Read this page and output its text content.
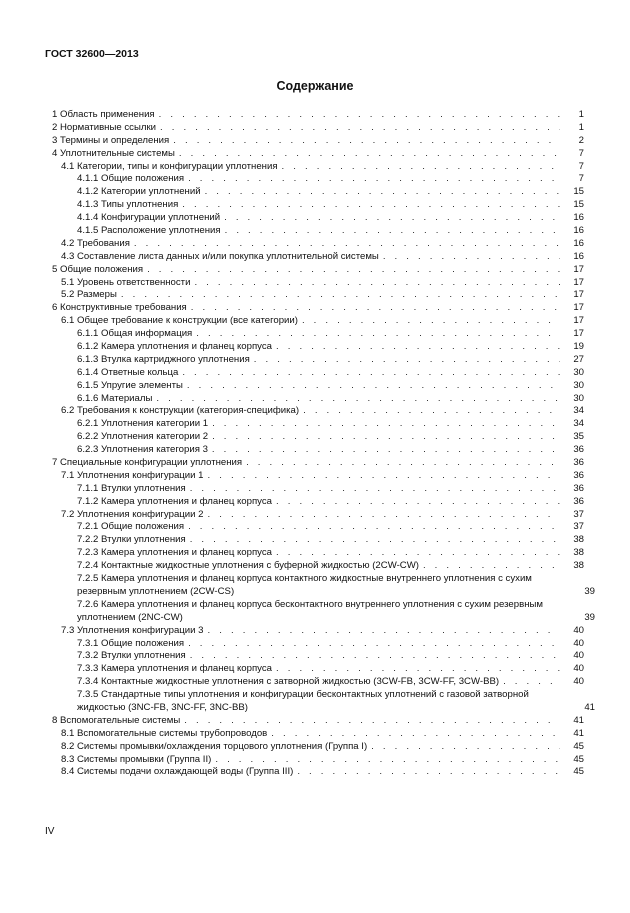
ГОСТ 32600—2013
Содержание
1 Область применения . . .	1
2 Нормативные ссылки . . .	1
3 Термины и определения . . .	2
4 Уплотнительные системы . . .	7
4.1 Категории, типы и конфигурации уплотнения . . .	7
4.1.1 Общие положения . . .	7
4.1.2 Категории уплотнений . . .	15
4.1.3 Типы уплотнения . . .	15
4.1.4 Конфигурации уплотнений . . .	16
4.1.5 Расположение уплотнения . . .	16
4.2 Требования . . .	16
4.3 Составление листа данных и/или покупка уплотнительной системы . . .	16
5 Общие положения . . .	17
5.1 Уровень ответственности . . .	17
5.2 Размеры . . .	17
6 Конструктивные требования . . .	17
6.1 Общее требование к конструкции (все категории) . . .	17
6.1.1 Общая информация . . .	17
6.1.2 Камера уплотнения и фланец корпуса . . .	19
6.1.3 Втулка картриджного уплотнения . . .	27
6.1.4 Ответные кольца . . .	30
6.1.5 Упругие элементы . . .	30
6.1.6 Материалы . . .	30
6.2 Требования к конструкции (категория-специфика) . . .	34
6.2.1 Уплотнения категории 1 . . .	34
6.2.2 Уплотнения категории 2 . . .	35
6.2.3 Уплотнения категория 3 . . .	36
7 Специальные конфигурации уплотнения . . .	36
7.1 Уплотнения конфигурации 1 . . .	36
7.1.1 Втулки уплотнения . . .	36
7.1.2 Камера уплотнения и фланец корпуса . . .	36
7.2 Уплотнения конфигурации 2 . . .	37
7.2.1 Общие положения . . .	37
7.2.2 Втулки уплотнения . . .	38
7.2.3 Камера уплотнения и фланец корпуса . . .	38
7.2.4 Контактные жидкостные уплотнения с буферной жидкостью (2CW-CW) . . .	38
7.2.5 Камера уплотнения и фланец корпуса контактного жидкостные внутреннего уплотнения с сухим резервным уплотнением (2CW-CS)	39
7.2.6 Камера уплотнения и фланец корпуса бесконтактного внутреннего уплотнения с сухим резервным уплотнением (2NC-CW)	39
7.3 Уплотнения конфигурации 3 . . .	40
7.3.1 Общие положения . . .	40
7.3.2 Втулки уплотнения . . .	40
7.3.3 Камера уплотнения и фланец корпуса . . .	40
7.3.4 Контактные жидкостные уплотнения с затворной жидкостью (3CW-FB, 3CW-FF, 3CW-BB) . . .	40
7.3.5 Стандартные типы уплотнения и конфигурации бесконтактных уплотнений с газовой затворной жидкостью (3NC-FB, 3NC-FF, 3NC-BB)	41
8 Вспомогательные системы . . .	41
8.1 Вспомогательные системы трубопроводов . . .	41
8.2 Системы промывки/охлаждения торцового уплотнения (Группа I) . . .	45
8.3 Системы промывки (Группа II) . . .	45
8.4 Системы подачи охлаждающей воды (Группа III) . . .	45
IV
